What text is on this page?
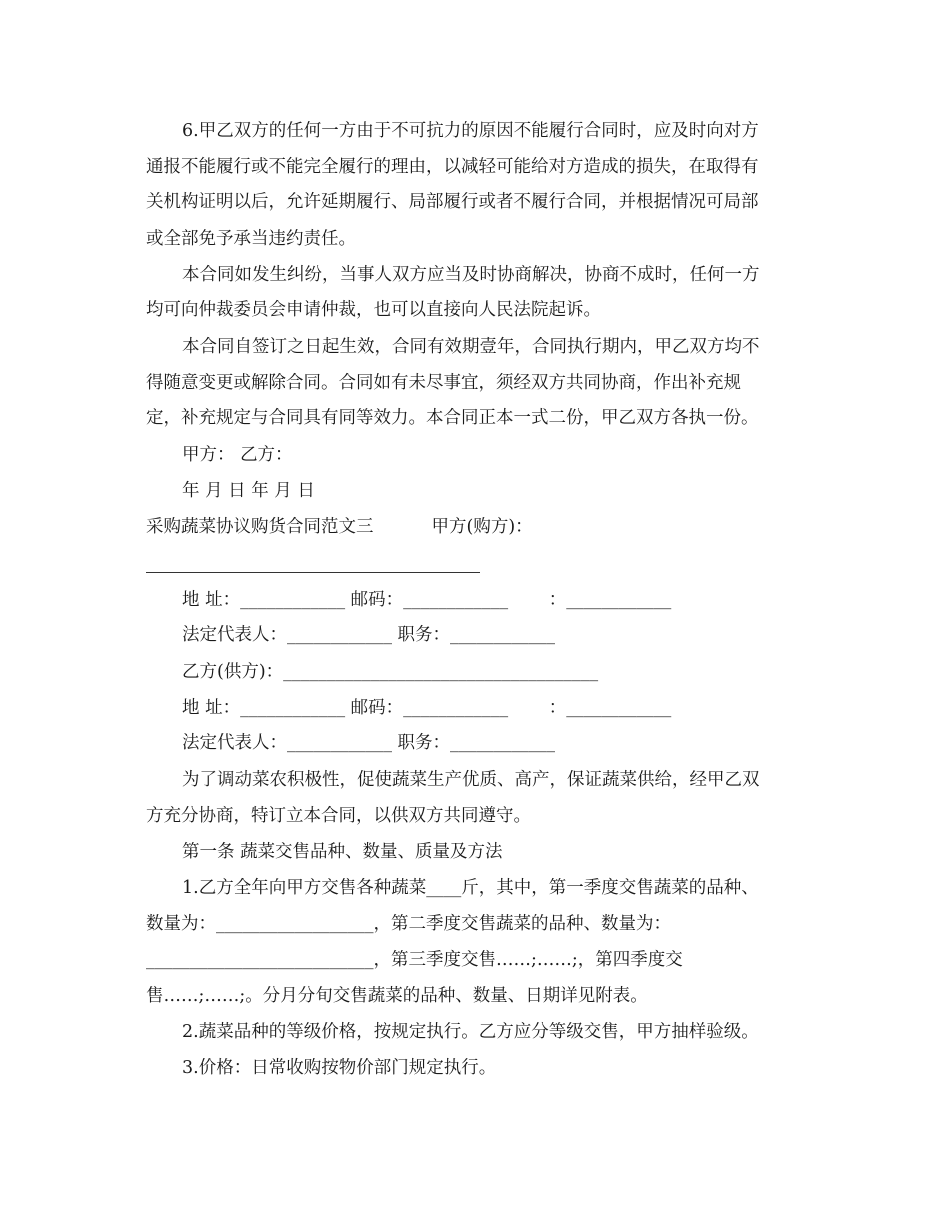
6.甲乙双方的任何一方由于不可抗力的原因不能履行合同时，应及时向对方
通报不能履行或不能完全履行的理由，以减轻可能给对方造成的损失，在取得有
关机构证明以后，允许延期履行、局部履行或者不履行合同，并根据情况可局部
或全部免予承当违约责任。
本合同如发生纠纷，当事人双方应当及时协商解决，协商不成时，任何一方
均可向仲裁委员会申请仲裁，也可以直接向人民法院起诉。
本合同自签订之日起生效，合同有效期壹年，合同执行期内，甲乙双方均不
得随意变更或解除合同。合同如有未尽事宜，须经双方共同协商，作出补充规
定，补充规定与合同具有同等效力。本合同正本一式二份，甲乙双方各执一份。
甲方： 乙方：
年 月 日 年 月 日
采购蔬菜协议购货合同范文三	甲方(购方)：
地 址：____________ 邮码：____________ 　　：____________
法定代表人：____________ 职务：____________
乙方(供方)：____________________________________
地 址：____________ 邮码：____________ 　　：____________
法定代表人：____________ 职务：____________
为了调动菜农积极性，促使蔬菜生产优质、高产，保证蔬菜供给，经甲乙双
方充分协商，特订立本合同，以供双方共同遵守。
第一条 蔬菜交售品种、数量、质量及方法
1.乙方全年向甲方交售各种蔬菜____斤，其中，第一季度交售蔬菜的品种、
数量为：__________________，第二季度交售蔬菜的品种、数量为：
__________________________，第三季度交售……;……;，第四季度交
售……;……;。分月分旬交售蔬菜的品种、数量、日期详见附表。
2.蔬菜品种的等级价格，按规定执行。乙方应分等级交售，甲方抽样验级。
3.价格：日常收购按物价部门规定执行。
